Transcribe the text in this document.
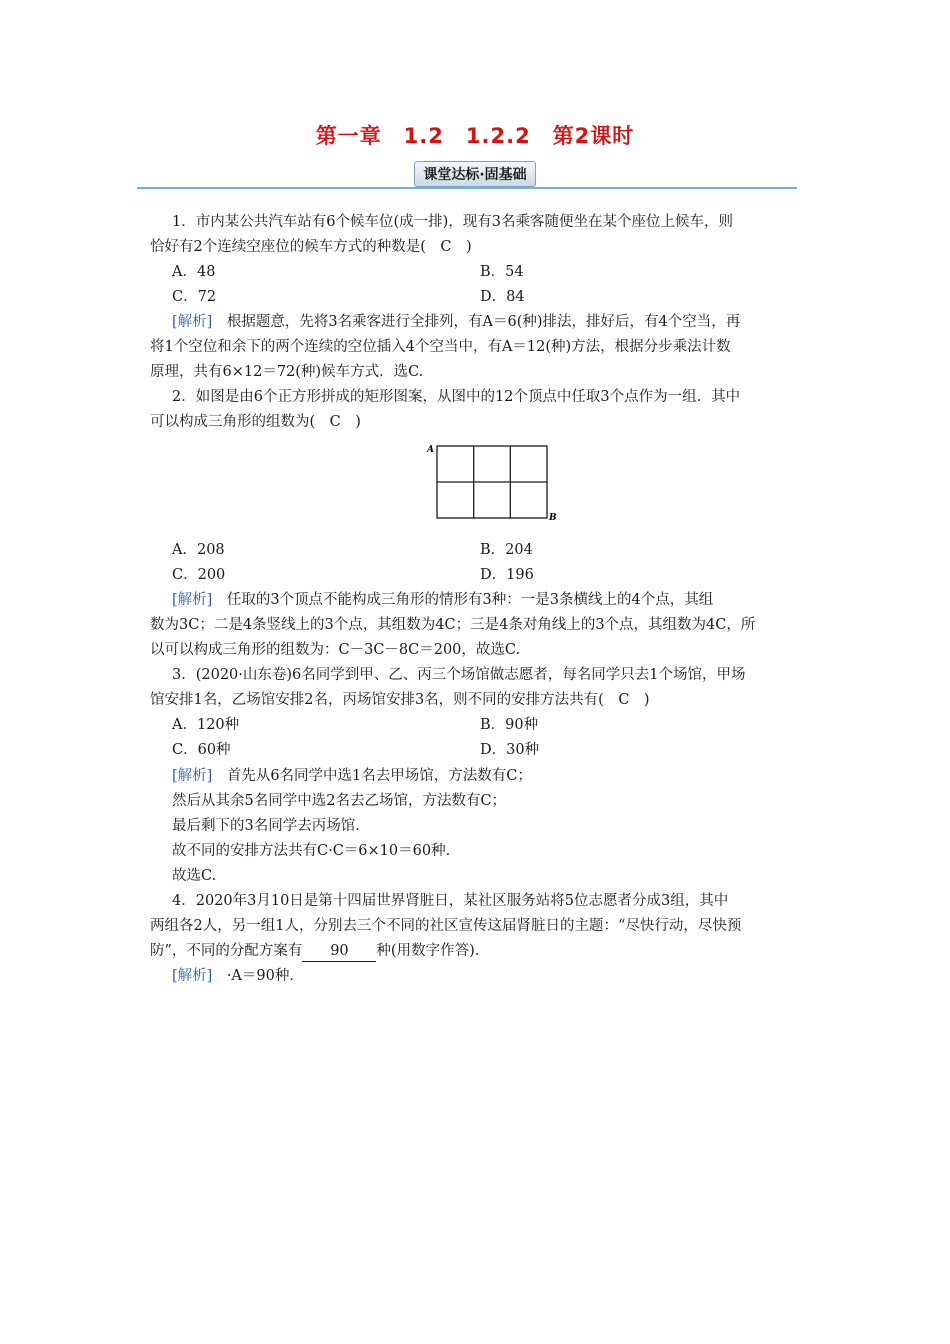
第一章　1.2　1.2.2　第2课时
课堂达标·固基础
1．市内某公共汽车站有6个候车位(成一排)，现有3名乘客随便坐在某个座位上候车，则
恰好有2个连续空座位的候车方式的种数是(　C　)
A．48	B．54
C．72	D．84
[解析]　根据题意，先将3名乘客进行全排列，有A＝6(种)排法，排好后，有4个空当，再
将1个空位和余下的两个连续的空位插入4个空当中，有A＝12(种)方法，根据分步乘法计数
原理，共有6×12＝72(种)候车方式．选C.
2．如图是由6个正方形拼成的矩形图案，从图中的12个顶点中任取3个点作为一组．其中
可以构成三角形的组数为(　C　)
A
B
A．208	B．204
C．200	D．196
[解析]　任取的3个顶点不能构成三角形的情形有3种：一是3条横线上的4个点，其组
数为3C；二是4条竖线上的3个点，其组数为4C；三是4条对角线上的3个点，其组数为4C，所
以可以构成三角形的组数为：C－3C－8C＝200，故选C.
3．(2020·山东卷)6名同学到甲、乙、丙三个场馆做志愿者，每名同学只去1个场馆，甲场
馆安排1名，乙场馆安排2名，丙场馆安排3名，则不同的安排方法共有(　C　)
A．120种	B．90种
C．60种	D．30种
[解析]　首先从6名同学中选1名去甲场馆，方法数有C；
然后从其余5名同学中选2名去乙场馆，方法数有C；
最后剩下的3名同学去丙场馆．
故不同的安排方法共有C·C＝6×10＝60种．
故选C.
4．2020年3月10日是第十四届世界肾脏日，某社区服务站将5位志愿者分成3组，其中
两组各2人，另一组1人，分别去三个不同的社区宣传这届肾脏日的主题：“尽快行动，尽快预
防”，不同的分配方案有 90 种(用数字作答)．
[解析]　·A＝90种．
